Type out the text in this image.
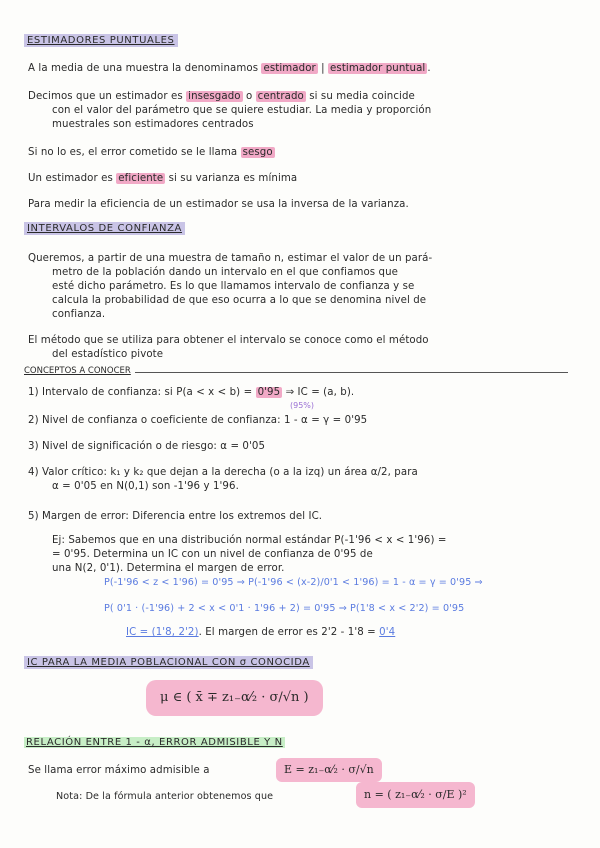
ESTIMADORES PUNTUALES
A la media de una muestra la denominamos estimador | estimador puntual .
Decimos que un estimador es insesgado o centrado si su media coincide
con el valor del parámetro que se quiere estudiar. La media y proporción
muestrales son estimadores centrados
Si no lo es, el error cometido se le llama sesgo
Un estimador es eficiente si su varianza es mínima
Para medir la eficiencia de un estimador se usa la inversa de la varianza.
INTERVALOS DE CONFIANZA
Queremos, a partir de una muestra de tamaño n, estimar el valor de un pará-
metro de la población dando un intervalo en el que confiamos que
esté dicho parámetro. Es lo que llamamos intervalo de confianza y se
calcula la probabilidad de que eso ocurra a lo que se denomina nivel de
confianza.
El método que se utiliza para obtener el intervalo se conoce como el método
del estadístico pivote
CONCEPTOS A CONOCER
1) Intervalo de confianza: si P(a < x < b) = 0'95 ⇒ IC = (a, b).
(95%)
2) Nivel de confianza o coeficiente de confianza: 1 - α = γ = 0'95
3) Nivel de significación o de riesgo: α = 0'05
4) Valor crítico: k₁ y k₂ que dejan a la derecha (o a la izq) un área α/2, para
α = 0'05 en N(0,1) son -1'96 y 1'96.
5) Margen de error: Diferencia entre los extremos del IC.
Ej: Sabemos que en una distribución normal estándar P(-1'96 < x < 1'96) =
= 0'95. Determina un IC con un nivel de confianza de 0'95 de
una N(2, 0'1). Determina el margen de error.
P(-1'96 < z < 1'96) = 0'95 ⇒ P(-1'96 < (x-2)/0'1 < 1'96) = 1 - α = γ = 0'95 ⇒
P( 0'1 · (-1'96) + 2 < x < 0'1 · 1'96 + 2) = 0'95 ⇒ P(1'8 < x < 2'2) = 0'95
IC = (1'8, 2'2). El margen de error es 2'2 - 1'8 = 0'4
IC PARA LA MEDIA POBLACIONAL CON σ CONOCIDA
μ ∈ ( x̄ ∓ z₁₋α⁄₂ · σ/√n )
RELACIÓN ENTRE 1 - α, ERROR ADMISIBLE Y N
Se llama error máximo admisible a	E = z₁₋α⁄₂ · σ/√n
Nota: De la fórmula anterior obtenemos que	n = ( z₁₋α⁄₂ · σ/E )²
